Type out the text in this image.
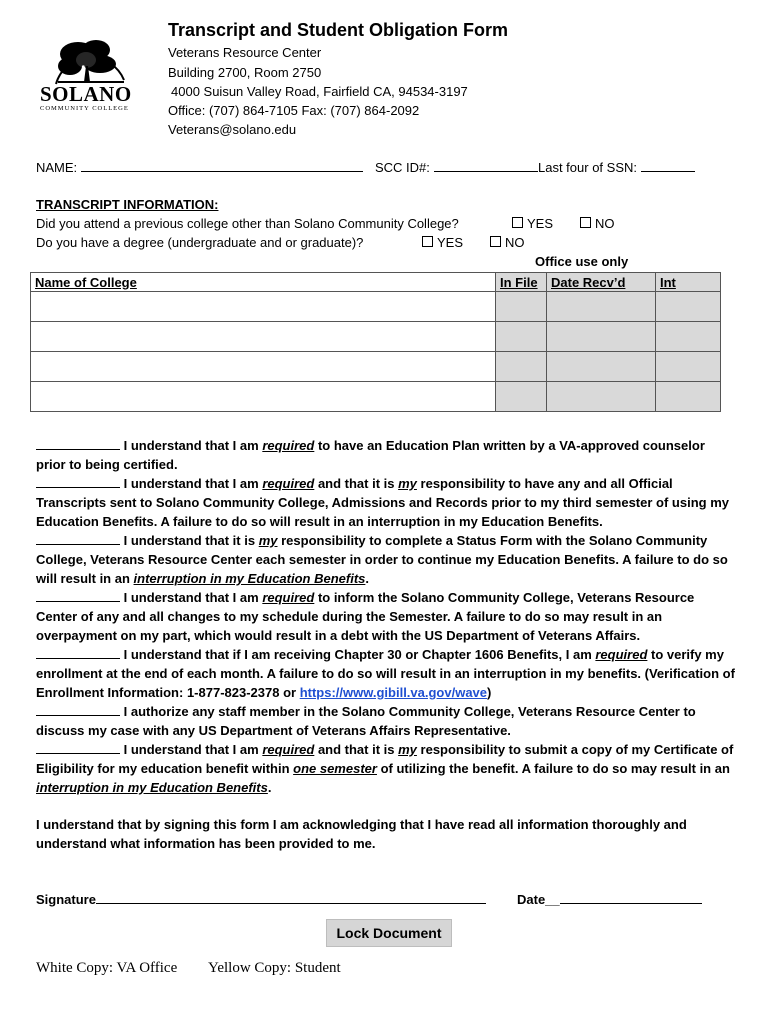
SOLANO
COMMUNITY COLLEGE
Transcript and Student Obligation Form
Veterans Resource Center
Building 2700, Room 2750
4000 Suisun Valley Road, Fairfield CA, 94534-3197
Office: (707) 864-7105 Fax: (707) 864-2092
Veterans@solano.edu
NAME:	SCC ID#:	Last four of SSN:
TRANSCRIPT INFORMATION:
Did you attend a previous college other than Solano Community College?	YES	NO
Do you have a degree (undergraduate and or graduate)?	YES	NO
Office use only
Name of College	In File	Date Recv’d	Int

I understand that I am required to have an Education Plan written by a VA-approved counselor prior to being certified.

I understand that I am required and that it is my responsibility to have any and all Official Transcripts sent to Solano Community College, Admissions and Records prior to my third semester of using my Education Benefits. A failure to do so will result in an interruption in my Education Benefits.

I understand that it is my responsibility to complete a Status Form with the Solano Community College, Veterans Resource Center each semester in order to continue my Education Benefits. A failure to do so will result in an interruption in my Education Benefits.

I understand that I am required to inform the Solano Community College, Veterans Resource Center of any and all changes to my schedule during the Semester. A failure to do so may result in an overpayment on my part, which would result in a debt with the US Department of Veterans Affairs.

I understand that if I am receiving Chapter 30 or Chapter 1606 Benefits, I am required to verify my enrollment at the end of each month. A failure to do so will result in an interruption in my benefits. (Verification of Enrollment Information: 1-877-823-2378 or https://www.gibill.va.gov/wave)

I authorize any staff member in the Solano Community College, Veterans Resource Center to discuss my case with any US Department of Veterans Affairs Representative.

I understand that I am required and that it is my responsibility to submit a copy of my Certificate of Eligibility for my education benefit within one semester of utilizing the benefit. A failure to do so may result in an interruption in my Education Benefits.

I understand that by signing this form I am acknowledging that I have read all information thoroughly and understand what information has been provided to me.
Signature	Date__
Lock Document
White Copy: VA Office Yellow Copy: Student
